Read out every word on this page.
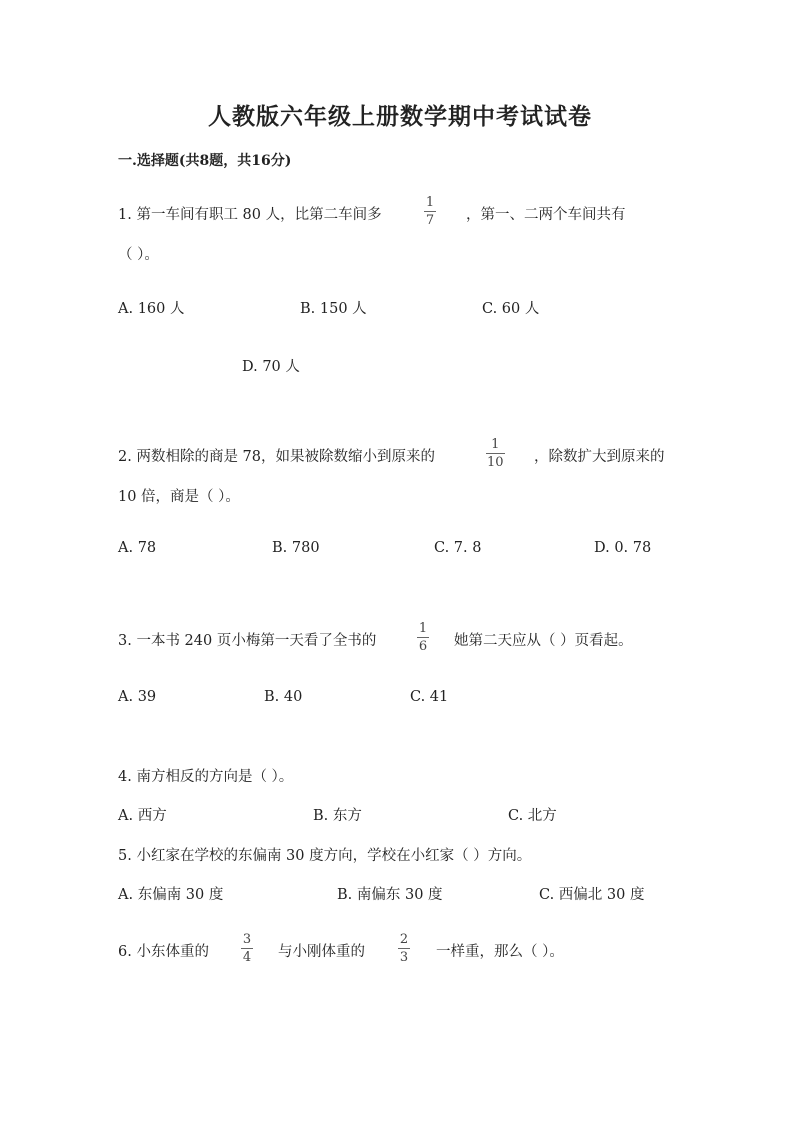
人教版六年级上册数学期中考试试卷
一.选择题(共8题，共16分)
1. 第一车间有职工 80 人，比第二车间多
1
7 ，第一、二两个车间共有
（ ）。
A. 160 人	B. 150 人	C. 60 人
D. 70 人
2. 两数相除的商是 78，如果被除数缩小到原来的
1
10 ，除数扩大到原来的
10 倍，商是（ ）。
A. 78	B. 780	C. 7. 8	D. 0. 78
3. 一本书 240 页小梅第一天看了全书的
1
6 她第二天应从（ ）页看起。
A. 39	B. 40	C. 41
4. 南方相反的方向是（ ）。
A. 西方	B. 东方	C. 北方
5. 小红家在学校的东偏南 30 度方向，学校在小红家（ ）方向。
A. 东偏南 30 度	B. 南偏东 30 度	C. 西偏北 30 度
6. 小东体重的
3
4 与小刚体重的
2
3 一样重，那么（ ）。
